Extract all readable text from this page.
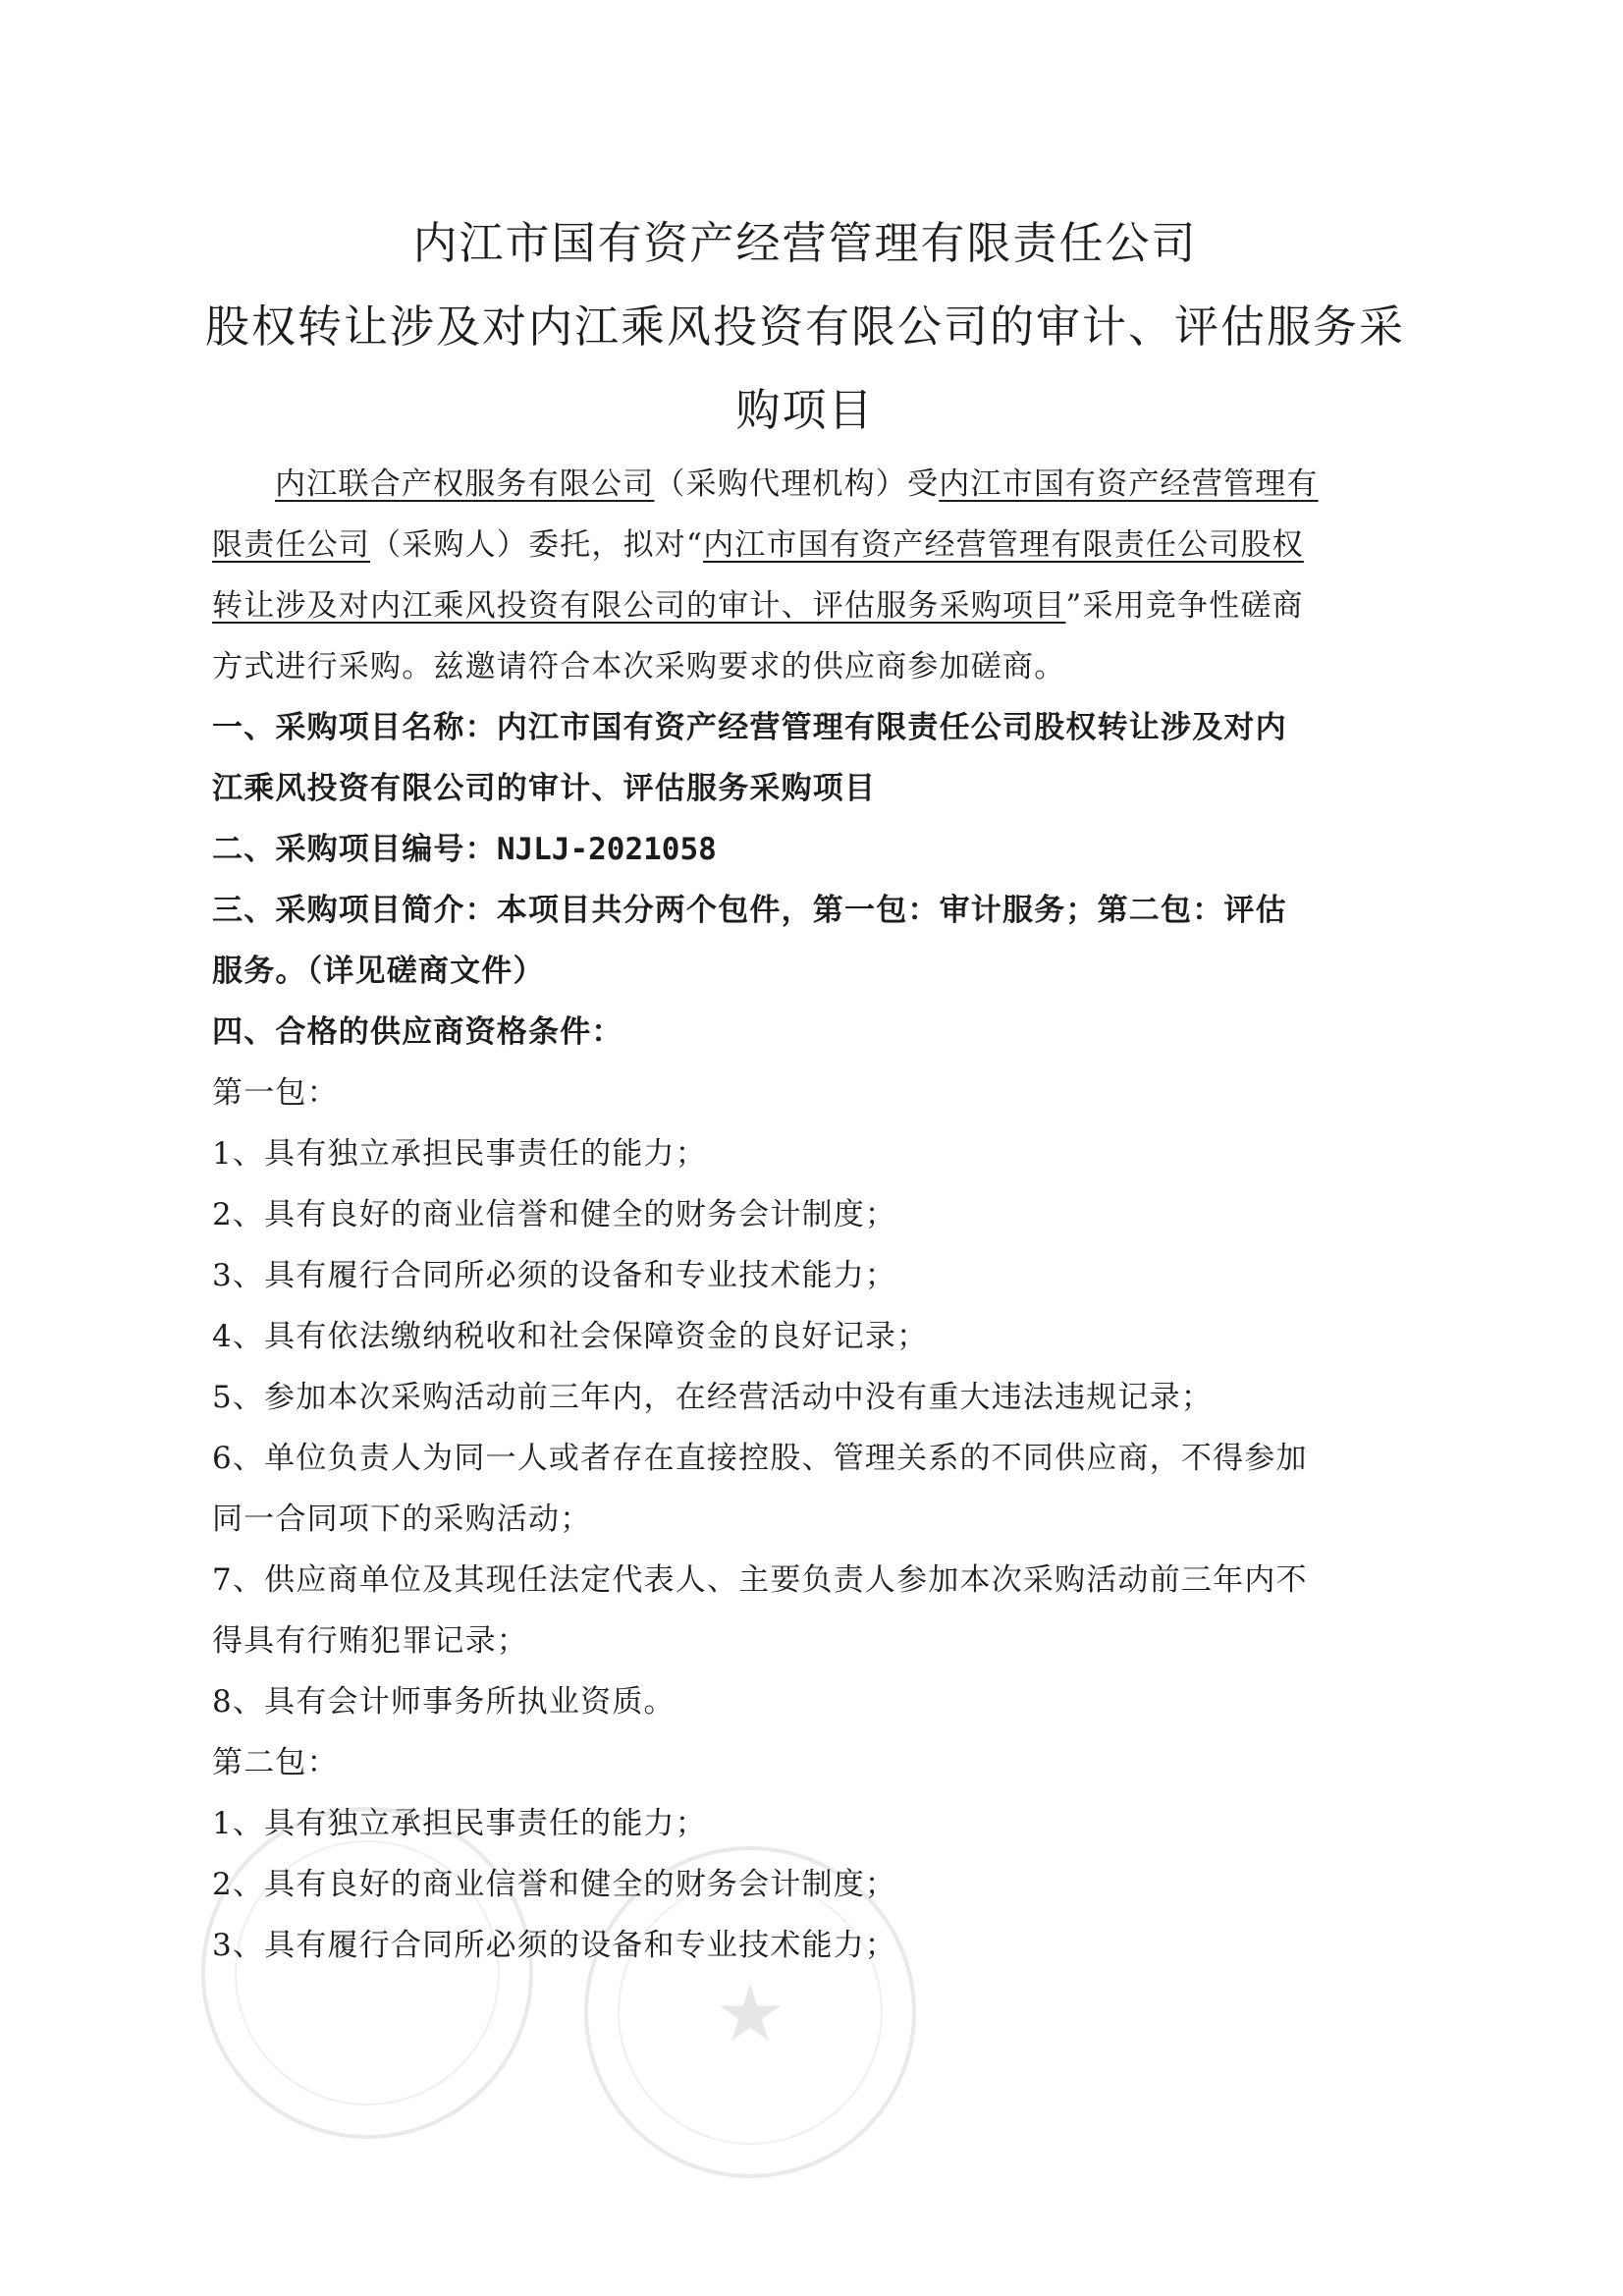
★
内江市国有资产经营管理有限责任公司
股权转让涉及对内江乘风投资有限公司的审计、评估服务采
购项目
内江联合产权服务有限公司（采购代理机构）受内江市国有资产经营管理有
限责任公司（采购人）委托，拟对“内江市国有资产经营管理有限责任公司股权
转让涉及对内江乘风投资有限公司的审计、评估服务采购项目”采用竞争性磋商
方式进行采购。兹邀请符合本次采购要求的供应商参加磋商。
一、采购项目名称：内江市国有资产经营管理有限责任公司股权转让涉及对内
江乘风投资有限公司的审计、评估服务采购项目
二、采购项目编号：NJLJ-2021058
三、采购项目简介：本项目共分两个包件，第一包：审计服务；第二包：评估
服务。（详见磋商文件）
四、合格的供应商资格条件：
第一包：
1、具有独立承担民事责任的能力；
2、具有良好的商业信誉和健全的财务会计制度；
3、具有履行合同所必须的设备和专业技术能力；
4、具有依法缴纳税收和社会保障资金的良好记录；
5、参加本次采购活动前三年内，在经营活动中没有重大违法违规记录；
6、单位负责人为同一人或者存在直接控股、管理关系的不同供应商，不得参加
同一合同项下的采购活动；
7、供应商单位及其现任法定代表人、主要负责人参加本次采购活动前三年内不
得具有行贿犯罪记录；
8、具有会计师事务所执业资质。
第二包：
1、具有独立承担民事责任的能力；
2、具有良好的商业信誉和健全的财务会计制度；
3、具有履行合同所必须的设备和专业技术能力；
